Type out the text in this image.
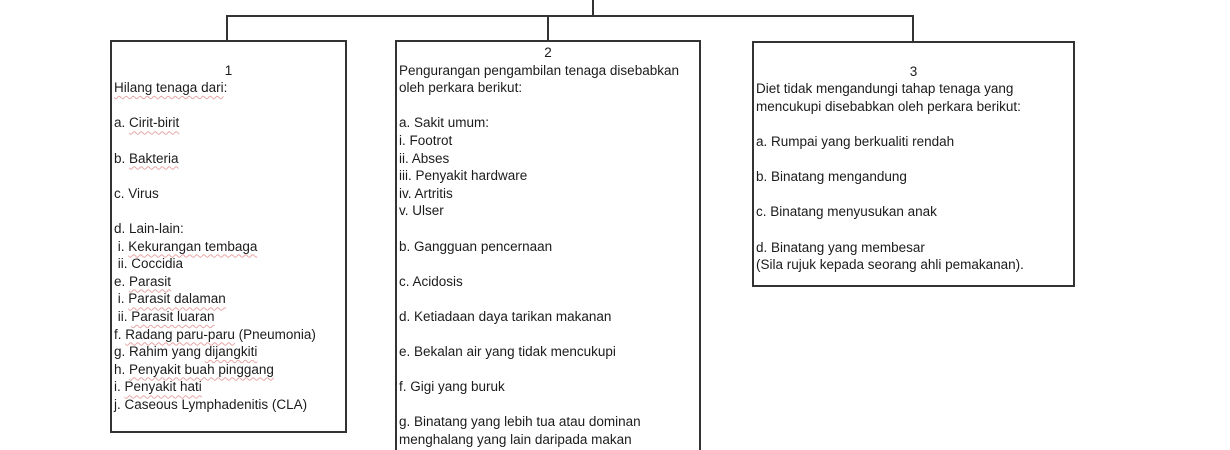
1
Hilang tenaga dari:

a. Cirit-birit

b. Bakteria

c. Virus

d. Lain-lain:
i. Kekurangan tembaga
ii. Coccidia
e. Parasit
i. Parasit dalaman
ii. Parasit luaran
f. Radang paru-paru (Pneumonia)
g. Rahim yang dijangkiti
h. Penyakit buah pinggang
i. Penyakit hati
j. Caseous Lymphadenitis (CLA)
2
Pengurangan pengambilan tenaga disebabkan
oleh perkara berikut:

a. Sakit umum:
i. Footrot
ii. Abses
iii. Penyakit hardware
iv. Artritis
v. Ulser

b. Gangguan pencernaan

c. Acidosis

d. Ketiadaan daya tarikan makanan

e. Bekalan air yang tidak mencukupi

f. Gigi yang buruk

g. Binatang yang lebih tua atau dominan
menghalang yang lain daripada makan

3
Diet tidak mengandungi tahap tenaga yang
mencukupi disebabkan oleh perkara berikut:

a. Rumpai yang berkualiti rendah

b. Binatang mengandung

c. Binatang menyusukan anak

d. Binatang yang membesar
(Sila rujuk kepada seorang ahli pemakanan).
